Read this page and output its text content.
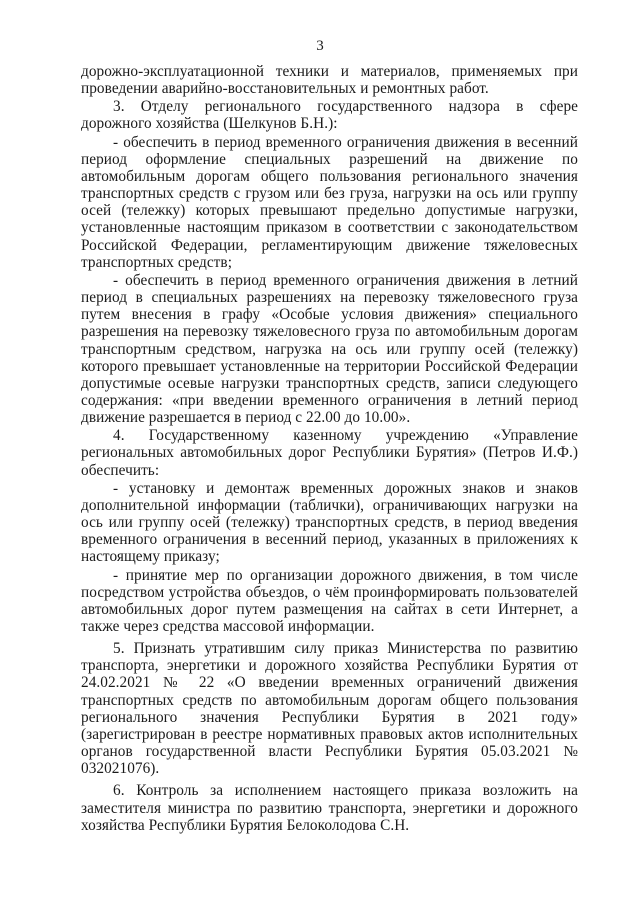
3

дорожно-эксплуатационной техники и материалов, применяемых при проведении аварийно-восстановительных и ремонтных работ.

3. Отделу регионального государственного надзора в сфере дорожного хозяйства (Шелкунов Б.Н.):

- обеспечить в период временного ограничения движения в весенний период оформление специальных разрешений на движение по автомобильным дорогам общего пользования регионального значения транспортных средств с грузом или без груза, нагрузки на ось или группу осей (тележку) которых превышают предельно допустимые нагрузки, установленные настоящим приказом в соответствии с законодательством Российской Федерации, регламентирующим движение тяжеловесных транспортных средств;

- обеспечить в период временного ограничения движения в летний период в специальных разрешениях на перевозку тяжеловесного груза путем внесения в графу «Особые условия движения» специального разрешения на перевозку тяжеловесного груза по автомобильным дорогам транспортным средством, нагрузка на ось или группу осей (тележку) которого превышает установленные на территории Российской Федерации допустимые осевые нагрузки транспортных средств, записи следующего содержания: «при введении временного ограничения в летний период движение разрешается в период с 22.00 до 10.00».

4. Государственному казенному учреждению «Управление региональных автомобильных дорог Республики Бурятия» (Петров И.Ф.) обеспечить:

- установку и демонтаж временных дорожных знаков и знаков дополнительной информации (таблички), ограничивающих нагрузки на ось или группу осей (тележку) транспортных средств, в период введения временного ограничения в весенний период, указанных в приложениях к настоящему приказу;

- принятие мер по организации дорожного движения, в том числе посредством устройства объездов, о чём проинформировать пользователей автомобильных дорог путем размещения на сайтах в сети Интернет, а также через средства массовой информации.

5. Признать утратившим силу приказ Министерства по развитию транспорта, энергетики и дорожного хозяйства Республики Бурятия от 24.02.2021 № 22 «О введении временных ограничений движения транспортных средств по автомобильным дорогам общего пользования регионального значения Республики Бурятия в 2021 году» (зарегистрирован в реестре нормативных правовых актов исполнительных органов государственной власти Республики Бурятия 05.03.2021 № 032021076).

6. Контроль за исполнением настоящего приказа возложить на заместителя министра по развитию транспорта, энергетики и дорожного хозяйства Республики Бурятия Белоколодова С.Н.
